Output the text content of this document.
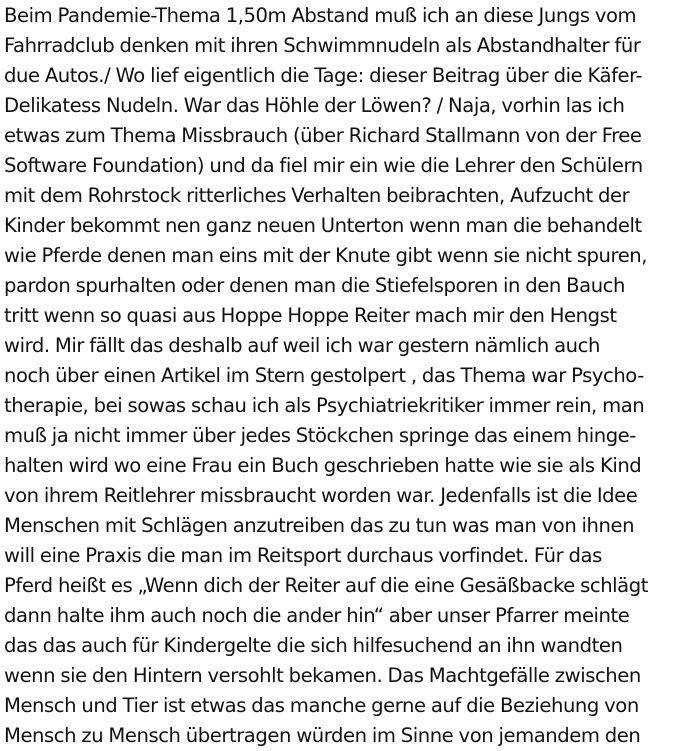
Beim Pandemie-Thema 1,50m Abstand muß ich an diese Jungs vom
Fahrradclub denken mit ihren Schwimmnudeln als Abstandhalter für
due Autos./ Wo lief eigentlich die Tage: dieser Beitrag über die Käfer-
Delikatess Nudeln. War das Höhle der Löwen? / Naja, vorhin las ich
etwas zum Thema Missbrauch (über Richard Stallmann von der Free
Software Foundation) und da fiel mir ein wie die Lehrer den Schülern
mit dem Rohrstock ritterliches Verhalten beibrachten, Aufzucht der
Kinder bekommt nen ganz neuen Unterton wenn man die behandelt
wie Pferde denen man eins mit der Knute gibt wenn sie nicht spuren,
pardon spurhalten oder denen man die Stiefelsporen in den Bauch
tritt wenn so quasi aus Hoppe Hoppe Reiter mach mir den Hengst
wird. Mir fällt das deshalb auf weil ich war gestern nämlich auch
noch über einen Artikel im Stern gestolpert , das Thema war Psycho-
therapie, bei sowas schau ich als Psychiatriekritiker immer rein, man
muß ja nicht immer über jedes Stöckchen springe das einem hinge-
halten wird wo eine Frau ein Buch geschrieben hatte wie sie als Kind
von ihrem Reitlehrer missbraucht worden war. Jedenfalls ist die Idee
Menschen mit Schlägen anzutreiben das zu tun was man von ihnen
will eine Praxis die man im Reitsport durchaus vorfindet. Für das
Pferd heißt es „Wenn dich der Reiter auf die eine Gesäßbacke schlägt
dann halte ihm auch noch die ander hin“ aber unser Pfarrer meinte
das das auch für Kindergelte die sich hilfesuchend an ihn wandten
wenn sie den Hintern versohlt bekamen. Das Machtgefälle zwischen
Mensch und Tier ist etwas das manche gerne auf die Beziehung von
Mensch zu Mensch übertragen würden im Sinne von jemandem den
